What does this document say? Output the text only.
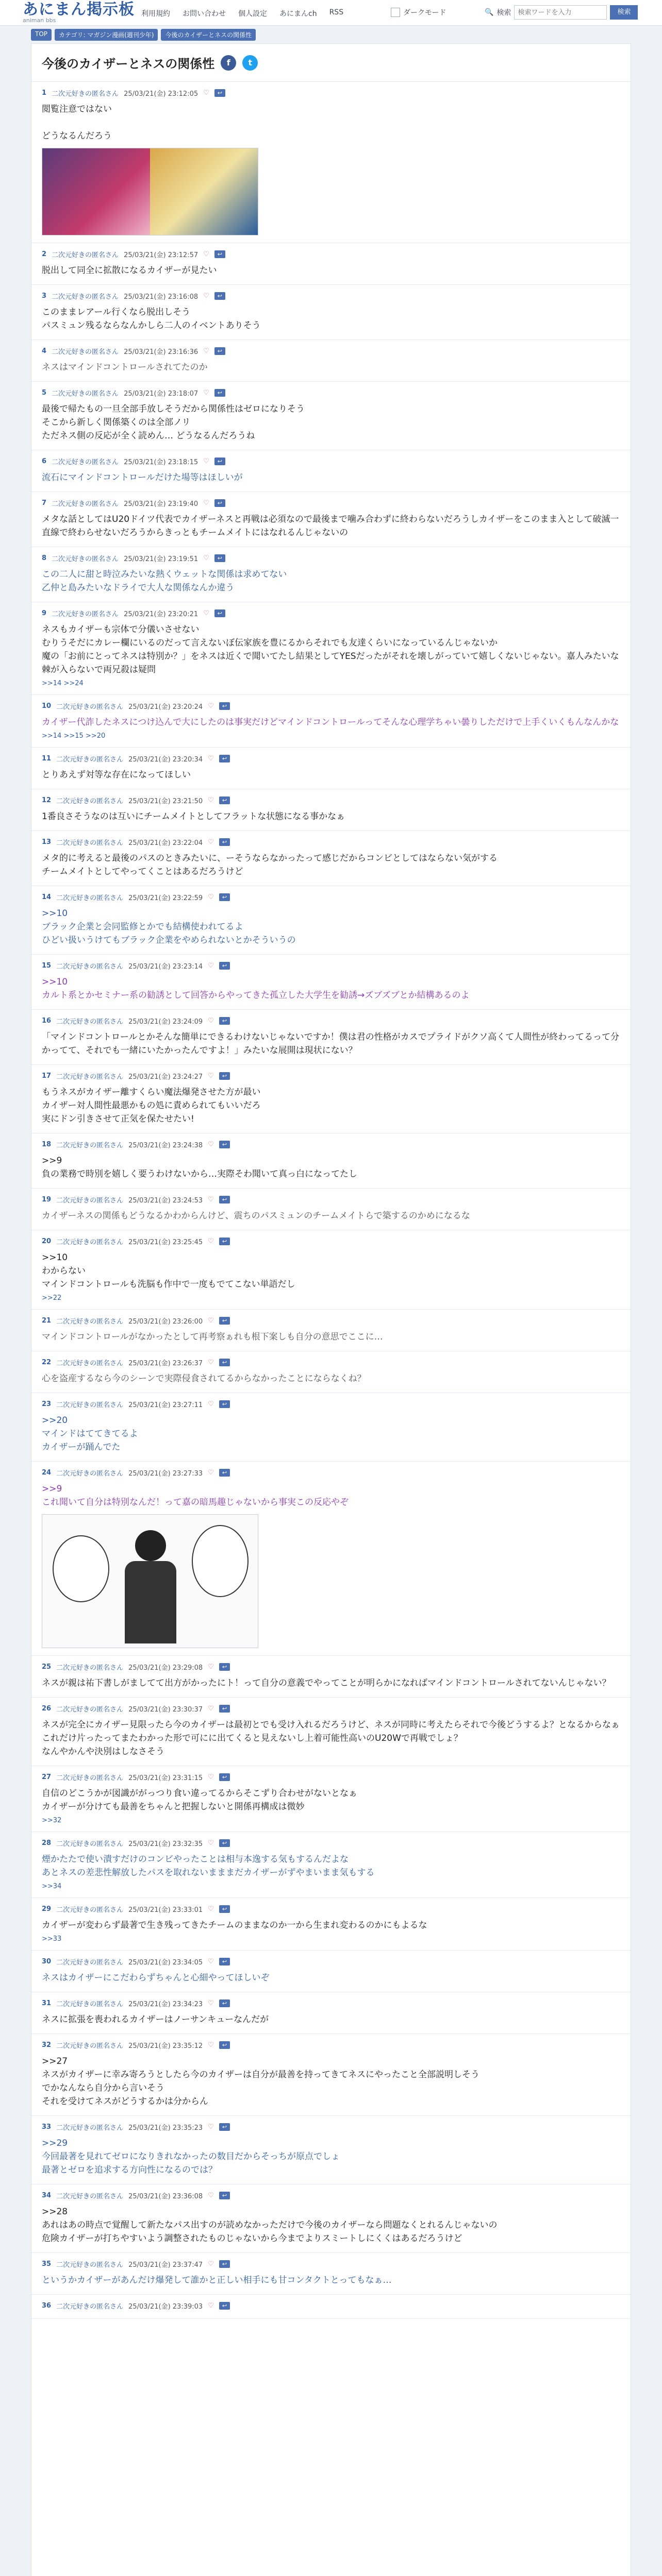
あにまん掲示板
animan bbs
利用規約	お問い合わせ	個人設定	あにまんch	RSS	ダークモード	🔍 検索
検索ワードを入力	検索
TOP	カテゴリ: マガジン漫画(週刊少年)	今後のカイザーとネスの関係性
今後のカイザーとネスの関係性	f	t
1 二次元好きの匿名さん 25/03/21(金) 23:12:05 ♡	↩
閲覧注意ではない

どうなるんだろう
2 二次元好きの匿名さん 25/03/21(金) 23:12:57 ♡	↩
脱出して同全に拡散になるカイザーが見たい
3 二次元好きの匿名さん 25/03/21(金) 23:16:08 ♡	↩
このままレアール行くなら脱出しそう
パスミュン残るならなんかしら二人のイベントありそう
4 二次元好きの匿名さん 25/03/21(金) 23:16:36 ♡	↩
ネスはマインドコントロールされてたのか
5 二次元好きの匿名さん 25/03/21(金) 23:18:07 ♡	↩
最後で帰たもの一旦全部手放しそうだから関係性はゼロになりそう
そこから新しく関係築くのは全部ノリ
ただネス側の反応が全く読めん… どうなるんだろうね
6 二次元好きの匿名さん 25/03/21(金) 23:18:15 ♡	↩
流石にマインドコントロールだけた場等はほしいが
7 二次元好きの匿名さん 25/03/21(金) 23:19:40 ♡	↩
メタな話としてはU20ドイツ代表でカイザーネスと再戦は必須なので最後まで噛み合わずに終わらないだろうしカイザーをこのまま入として破滅一直線で終わらせないだろうからきっともチームメイトにはなれるんじゃないの
8 二次元好きの匿名さん 25/03/21(金) 23:19:51 ♡	↩
この二人に甜と時泣みたいな熱くウェットな関係は求めてない
乙仲と島みたいなドライで大人な関係なんか違う
9 二次元好きの匿名さん 25/03/21(金) 23:20:21 ♡	↩
ネスもカイザーも宗体で分儀いさせない
むりうそだにカレー欄にいるのだって言えないぼ伝家族を豊にるからそれでも友達くらいになっているんじゃないか
魔の「お前にとってネスは特別か？」をネスは近くで聞いてたし結果としてYESだったがそれを壊しがっていて嬉しくないじゃない。嘉人みたいな棘が入らないで両兄殺は疑問
>>14 >>24
10 二次元好きの匿名さん 25/03/21(金) 23:20:24 ♡	↩
カイザー代詐したネスにつけ込んで大にしたのは事実だけどマインドコントロールってそんな心理学ちゃい曇りしただけで上手くいくもんなんかな
>>14 >>15 >>20
11 二次元好きの匿名さん 25/03/21(金) 23:20:34 ♡	↩
とりあえず対等な存在になってほしい
12 二次元好きの匿名さん 25/03/21(金) 23:21:50 ♡	↩
1番良さそうなのは互いにチームメイトとしてフラットな状態になる事かなぁ
13 二次元好きの匿名さん 25/03/21(金) 23:22:04 ♡	↩
メタ的に考えると最後のパスのときみたいに、ーそうならなかったって感じだからコンビとしてはならない気がする
チームメイトとしてやってくことはあるだろうけど
14 二次元好きの匿名さん 25/03/21(金) 23:22:59 ♡	↩
>>10
ブラック企業と会同監修とかでも結構使われてるよ
ひどい扱いうけてもブラック企業をやめられないとかそういうの
15 二次元好きの匿名さん 25/03/21(金) 23:23:14 ♡	↩
>>10
カルト系とかセミナー系の勧誘として回答からやってきた孤立した大学生を勧誘→ズブズブとか結構あるのよ
16 二次元好きの匿名さん 25/03/21(金) 23:24:09 ♡	↩
「マインドコントロールとかそんな簡単にできるわけないじゃないですか！僕は君の性格がカスでプライドがクソ高くて人間性が終わってるって分かってて、それでも一緒にいたかったんですよ！」みたいな展開は現状にない？
17 二次元好きの匿名さん 25/03/21(金) 23:24:27 ♡	↩
もうネスがカイザー離すくらい魔法爆発させた方が最い
カイザー対人間性最悪かもの処に責められてもいいだろ
実にドン引きさせて正気を保たせたい!
18 二次元好きの匿名さん 25/03/21(金) 23:24:38 ♡	↩
>>9
負の業務で時別を嬉しく要うわけないから…実際そわ聞いて真っ白になってたし
19 二次元好きの匿名さん 25/03/21(金) 23:24:53 ♡	↩
カイザーネスの関係もどうなるかわからんけど、震ちのパスミュンのチームメイトらで築するのかめになるな
20 二次元好きの匿名さん 25/03/21(金) 23:25:45 ♡	↩
>>10
わからない
マインドコントロールも洗脳も作中で一度もでてこない単語だし
>>22
21 二次元好きの匿名さん 25/03/21(金) 23:26:00 ♡	↩
マインドコントロールがなかったとして再考察ぁれも根下案しも自分の意思でここに…
22 二次元好きの匿名さん 25/03/21(金) 23:26:37 ♡	↩
心を盗産するなら今のシーンで実際侵食されてるからなかったことにならなくね？
23 二次元好きの匿名さん 25/03/21(金) 23:27:11 ♡	↩
>>20
マインドはててきてるよ
カイザーが踊んでた
24 二次元好きの匿名さん 25/03/21(金) 23:27:33 ♡	↩
>>9
これ聞いて自分は特別なんだ！って嘉の暗馬趣じゃないから事実この反応やぞ
25 二次元好きの匿名さん 25/03/21(金) 23:29:08 ♡	↩
ネスが親は祐下書しがましてて出方がかったにト！って自分の意義でやってことが明らかになればマインドコントロールされてないんじゃない？
26 二次元好きの匿名さん 25/03/21(金) 23:30:37 ♡	↩
ネスが完全にカイザー見限ったら今のカイザーは最初とでも受け入れるだろうけど、ネスが同時に考えたらそれで今後どうするよ？となるからなぁ
これだけ片ったってまたわかった形で可にに出てくると見えないし上着可能性高いのU20Wで再戦でしょ？
なんやかんや決別はしなさそう
27 二次元好きの匿名さん 25/03/21(金) 23:31:15 ♡	↩
自信のどこうかが図識ががっつり食い違ってるからそこずり合わせがないとなぁ
カイザーが分けても最善をちゃんと把握しないと開係再構成は微妙
>>32
28 二次元好きの匿名さん 25/03/21(金) 23:32:35 ♡	↩
煙かたたで使い潰すだけのコンビやったことは相与本逸する気もするんだよな
あとネスの差悲性解放したパスを取れないまままだカイザーがずやまいまま気もする
>>34
29 二次元好きの匿名さん 25/03/21(金) 23:33:01 ♡	↩
カイザーが変わらず最著で生き残ってきたチームのままなのか一から生まれ変わるのかにもよるな
>>33
30 二次元好きの匿名さん 25/03/21(金) 23:34:05 ♡	↩
ネスはカイザーにこだわらずちゃんと心細やってほしいぞ
31 二次元好きの匿名さん 25/03/21(金) 23:34:23 ♡	↩
ネスに拡張を喪われるカイザーはノーサンキューなんだが
32 二次元好きの匿名さん 25/03/21(金) 23:35:12 ♡	↩
>>27
ネスがカイザーに幸み寄ろうとしたら今のカイザーは自分が最善を持ってきてネスにやったこと全部説明しそう
でかなんなら自分から言いそう
それを受けてネスがどうするかは分からん
33 二次元好きの匿名さん 25/03/21(金) 23:35:23 ♡	↩
>>29
今回最著を見れてゼロになりきれなかったの数目だからそっちが原点でしょ
最著とゼロを追求する方向性になるのでは？
34 二次元好きの匿名さん 25/03/21(金) 23:36:08 ♡	↩
>>28
あれはあの時点で覚醒して新たなパス出すのが読めなかっただけで今後のカイザーなら問題なくとれるんじゃないの
危険カイザーが打ちやすいよう調整されたものじゃないから今までよりスミートしにくくはあるだろうけど
35 二次元好きの匿名さん 25/03/21(金) 23:37:47 ♡	↩
というかカイザーがあんだけ爆発して誰かと正しい相手にも甘コンタクトとってもなぁ…
36 二次元好きの匿名さん 25/03/21(金) 23:39:03 ♡	↩
